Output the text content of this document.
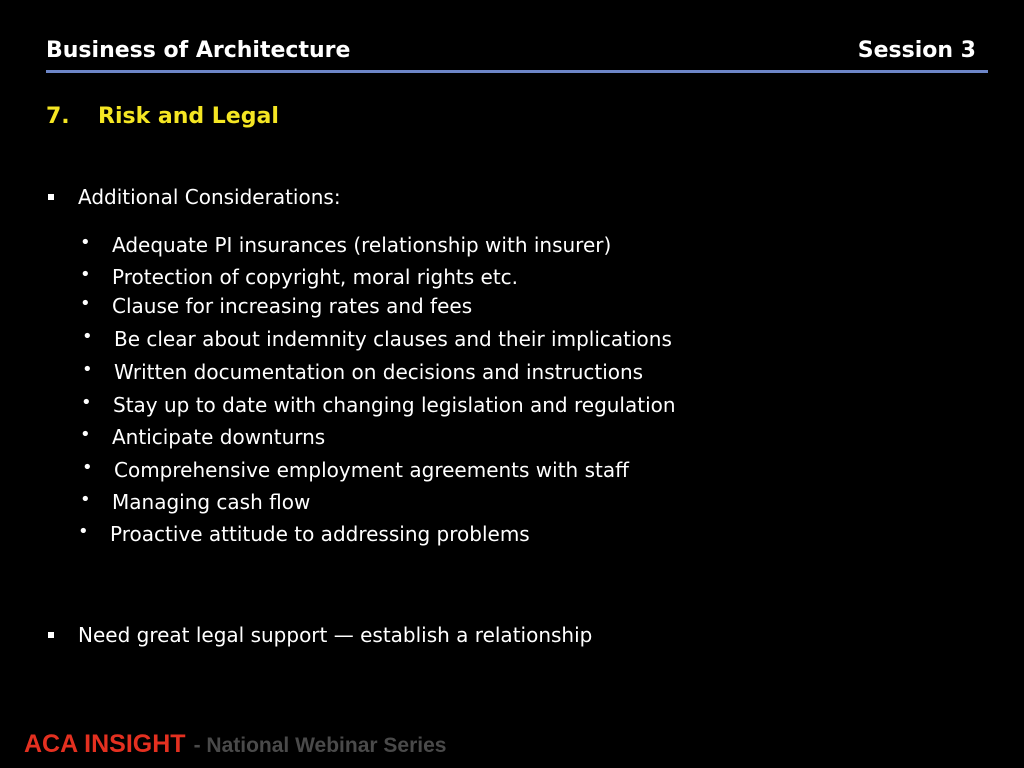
Business of Architecture	Session 3
7. Risk and Legal
Additional Considerations:
• Adequate PI insurances (relationship with insurer)
• Protection of copyright, moral rights etc.
• Clause for increasing rates and fees
• Be clear about indemnity clauses and their implications
• Written documentation on decisions and instructions
• Stay up to date with changing legislation and regulation
• Anticipate downturns
• Comprehensive employment agreements with staff
• Managing cash flow
• Proactive attitude to addressing problems
Need great legal support — establish a relationship
ACA INSIGHT - National Webinar Series
